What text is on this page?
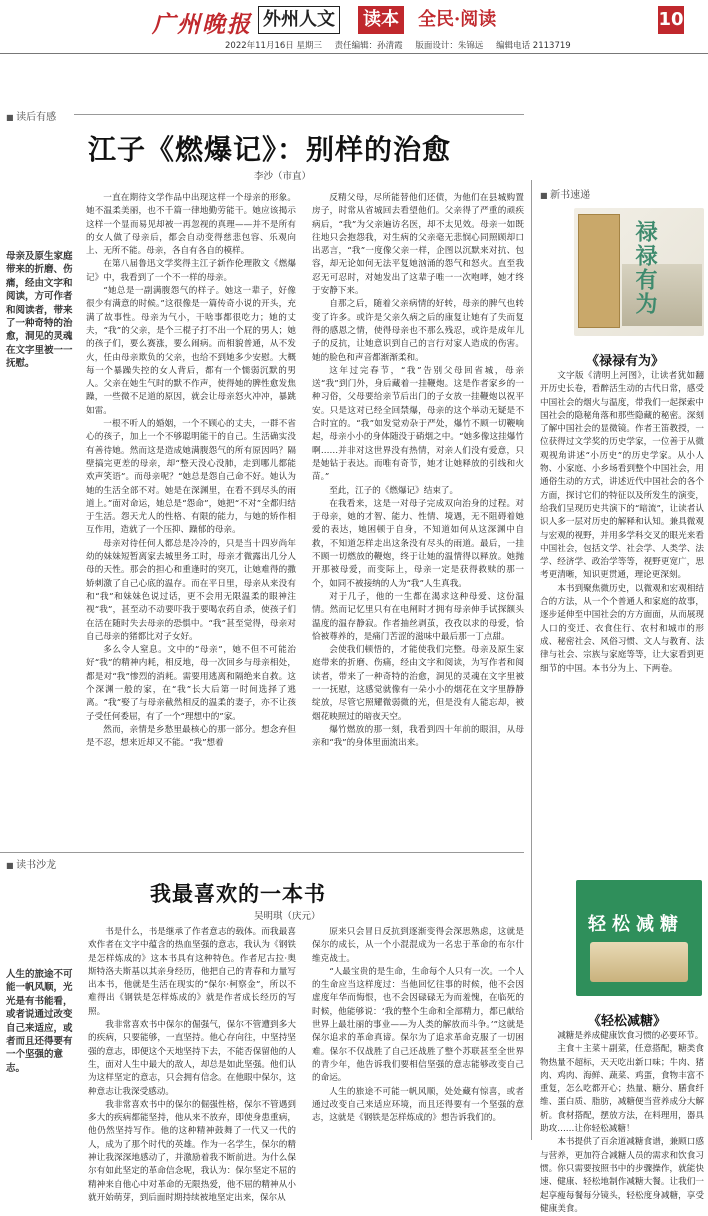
广州晚报 外州人文 读本 全民·阅读	10
2022年11月16日 星期三 责任编辑：孙清霞 版面设计：朱锦远 编辑电话 2113719
■ 读后有感
江子《燃爆记》：别样的治愈
李沙（市直）
母亲及原生家庭带来的折磨、伤痛，经由文字和阅读，方可作者和阅读者，带来了一种奇特的治愈，洞见的灵魂在文字里被一一抚慰。

一直在期待文学作品中出现这样一个母亲的形象。她不温柔美丽，也不千篇一律地勤劳能干。她应该揭示这样一个显而易见却被一再忽视的真理——并不是所有的女人做了母亲后，都会自动变得慈悲包容、乐观向上、无所不能。母亲，各自有各自的模样。

在第八届鲁迅文学奖得主江子新作伦理散文《燃爆记》中，我看到了一个不一样的母亲。

“她总是一副满腹怨气的样子。她这一辈子，好像很少有满意的时候。”这很像是一篇传奇小说的开头，充满了故事性。母亲为气小，干啥事都很吃力；她的丈夫，“我”的父亲，是个三棍子打不出一个屁的男人；她的孩子们，要么赛涨，要么闹病。而相貌普通，从不发火，任由母亲欺负的父亲，也给不到她多少安慰。大概每一个暴躁失控的女人背后，都有一个懦弱沉默的男人。父亲在她生气时的默不作声，使得她的脾性愈发焦躁，一些微不足道的原因，就会让母亲怒火冲冲，暴跳如雷。

一根不听人的婚姻，一个不顾心的丈夫，一群不省心的孩子，加上一个不够聪明能干的自己。生活确实没有善待她。然而这是造成她满腹怨气的所有原因吗？隔壁搞完更差的母亲，却“整天没心没肺，走到哪儿都能欢声笑语”。而母亲呢？“她总是怨自己命不好。她认为她的生活全部不对。她是在深渊里，在看不到尽头的雨道上。”面对命运，她总是“怨命”，她把“不对”全都归结于生活。怨天尤人的性格、有限的能力，与她的矫作相互作用，造就了一个压抑、躁郁的母亲。

母亲对待任何人都总是冷冷的，只是当十四岁尚年幼的妹妹短暂离家去城里务工时，母亲才微露出几分人母的天性。那会的担心和重逢时的突兀，让她难得的撒娇刺激了自己心底的温存。而在平日里，母亲从来没有和“我”和妹妹色说过话，更不会用无限温柔的眼神注视“我”，甚至动不动要吓我于要喝农药自杀，使孩子们在活在随时失去母亲的恐惧中。“我”甚至觉得，母亲对自己母亲的猪都比对子女好。

多么令人窒息。文中的“母亲”，她不但不可能治好“我”的精神内耗，相反地，母一次回乡与母亲相处，都是对“我”惨烈的消耗。需要用逃离和隔绝来自救。这个深渊一般的家，在“我”长大后第一时间选择了逃离。“我”娶了与母亲截然相反的温柔的妻子，亦不让孩子受任何委屈，有了一个“理想中的”家。

然而，亲情是乡愁里最核心的那一部分。想念弃但是不忍，想来近却又不能。“我”想着

反精父母，尽所能替他们还债，为他们在县城购置房子，时常从省城回去看望他们。父亲得了严重的顽疾病后，“我”为父亲遍访名医，却不太见效。母亲一如既往地只会抱怨我，对生病的父亲毫无悲悯心同照顾却口出恶言，“我”一度像父亲一样，企图以沉默来对抗、包容，却无论如何无法平复她汹涌的怨气和怒火。直至我忍无可忍时，对她发出了这辈子唯一一次咆哮，她才终于安静下来。

自那之后，随着父亲病情的好转，母亲的脾气也转变了许多。或许是父亲久病之后的康复让她有了失而复得的感恩之情，使得母亲也不那么残忍，或许是成年儿子的反抗，让她意识到自己的言行对家人造成的伤害。她的脸色和声音都渐渐柔和。

这年过完春节，“我”告别父母回省城，母亲送“我”到门外，身后藏着一挂鞭炮。这是作者家乡的一种习俗，父母要给亲节后出门的子女放一挂鞭炮以祝平安。只是这对已经全回禁爆，母亲的这个举动无疑是不合时宜的。“我”如发觉劝杂于严处，爆竹不顾一切鞭响起，母亲小小的身体随没于硝烟之中。“她多像这挂爆竹啊……并非对这世界没有热情，对亲人们没有爱意，只是她钻于表达。而唯有奇节，她才让她释放的引线和火苗。”

至此，江子的《燃爆记》结束了。

在我看来，这是一对母子完成双向治身的过程。对于母亲，她的才智、能力、性情、境遇，无不阻碍着她爱的表达，她困顿于自身，不知道如何从这深渊中自救，不知道怎样走出这条没有尽头的雨道。最后，一挂不顾一切燃放的鞭炮，终于让她的温情得以释放。她抛开那被母爱，而变际上，母亲一定是获得救赎的那一个，如同不被接纳的人为“我”人生真我。

对于几子，他的一生都在渴求这种母爱、这份温情。然而记忆里只有在电闸时才拥有母亲伸手试探额头温度的温存静寂。作者抽丝剥茧，孜孜以求的母爱，恰恰被尊养的，是痛门苦涩的滋味中最后那一丁点甜。

会使我们顿悟的，才能使我们完整。母亲及原生家庭带来的折磨、伤痛，经由文字和阅读，为写作者和阅读者，带来了一种奇特的治愈，洞见的灵魂在文字里被一一抚慰，这感觉就像有一朵小小的烟花在文字里静静绽放，尽管它照耀微弱微的光，但是没有人能忘却，被烟花映照过的暗夜天空。

爆竹燃放的那一刻，我看到四十年前的眼泪，从母亲和“我”的身体里面流出来。

■ 新书速递
禄禄有为
《禄禄有为》

文字版《清明上河图》，让读者犹如翻开历史长卷，看醉活生动的古代日常，感受中国社会的烟火与温度，带我们一起探索中国社会的隐秘角落和那些隐藏的秘密。深刻了解中国社会的显微镜。作者王笛教授，一位获得过文学奖的历史学家，一位善于从微观视角讲述“小历史”的历史学家。从小人物、小家庭、小乡场看到整个中国社会，用通俗生动的方式，讲述近代中国社会的各个方面，探讨它们的特征以及所发生的演变，给我们呈现历史共演下的“暗流”，让读者认识人多一层对历史的解释和认知。兼具微观与宏观的视野，并用多学科交叉的眼光来看中国社会，包括文学、社会学、人类学、法学、经济学、政治学等等，视野更宽广，思考更清晰，知识更贯通，理论更深刻。

本书到聚焦微历史，以微观和宏观相结合的方法，从一个个普通人和家庭的故事，逐步延伸至中国社会的方方面面，从而展现人口的变迁、衣食住行、农村和城市的形成、秘密社会、风俗习惯、文人与教育、法律与社会、宗族与家庭等等，让大家看到更细节的中国。本书分为上、下两卷。

轻松减糖
《轻松减糖》

减糖是养成健康饮食习惯的必要环节。

主食＋主菜＋副菜，任意搭配，糖类食物热量不超标，天天吃出新口味；牛肉、猪肉、鸡肉、海鲜、蔬菜、鸡蛋，食物丰富不重复，怎么吃都开心；热量、糖分、膳食纤维、蛋白质、脂肪，减糖便当营养成分大解析。食材搭配，摆放方法，在料理用，器具助攻……让你轻松减糖！

本书提供了百余道减糖食谱，兼顾口感与营养，更加符合减糖人员的需求和饮食习惯。你只需要按照书中的步骤操作，就能快速、健康、轻松地制作减糖大餐。让我们一起享瘦每餐每分镜头，轻松度身减糖，享受健康美食。

■ 读书沙龙
我最喜欢的一本书
吴明琪（庆元）
人生的旅途不可能一帆风顺，光光是有书能看，或者说通过改变自己来适应，或者而且还得要有一个坚强的意志。

书是什么，书是继承了作者意志的载体。而我最喜欢作者在文字中蕴含的热血坚强的意志，我认为《钢铁是怎样炼成的》这本书具有这种特色。作者尼古拉·奥斯特洛夫斯基以其亲身经历，他把自己的青春和力量写出本书，他就是生活在现实的“保尔·柯察金”，所以不难得出《钢铁是怎样炼成的》就是作者成长经历的写照。

我非常喜欢书中保尔的倔强气，保尔不管遭到多大的疾病，只要能够，一直坚持。他心存向往，中坚持坚强的意志，即便这个天地坚持下去，不能否保留他的人生，面对人生中最大的敌人，却总是如此坚强。他们认为这样坚定的意志，只会拥有信念。在他眼中保尔，这种意志让我深受感动。

我非常喜欢书中的保尔的倔强性格，保尔不管遇到多大的疾病都能坚持，他从来不放弃，即使身患重病，他仍然坚持写作。他的这种精神鼓舞了一代又一代的人，成为了那个时代的英雄。作为一名学生，保尔的精神让我深深地感动了，并激励着我不断前进。为什么保尔有如此坚定的革命信念呢，我认为：保尔坚定不屈的精神来自他心中对革命的无限热爱，他不屈的精神从小就开始萌芽，到后面时期持续被地坚定出来，保尔从

原来只会冒日反抗到逐渐变得会深思熟虑，这就是保尔的成长，从一个小混混成为一名忠于革命的布尔什维克战士。

“人最宝贵的是生命，生命每个人只有一次。一个人的生命应当这样度过：当他回忆往事的时候，他不会因虚度年华而悔恨，也不会因碌碌无为而羞愧，在临死的时候，他能够说：‘我的整个生命和全部精力，都已献给世界上最壮丽的事业——为人类的解放而斗争。’”这就是保尔追求的革命真谛。保尔为了追求革命克服了一切困难。保尔不仅战胜了自己还战胜了整个苏联甚至全世界的青少年，他告诉我们要相信坚强的意志能够改变自己的命运。

人生的旅途不可能一帆风顺，处处藏有惊喜，或者通过改变自己来适应环境，而且还得要有一个坚强的意志，这就是《钢铁是怎样炼成的》想告诉我们的。
